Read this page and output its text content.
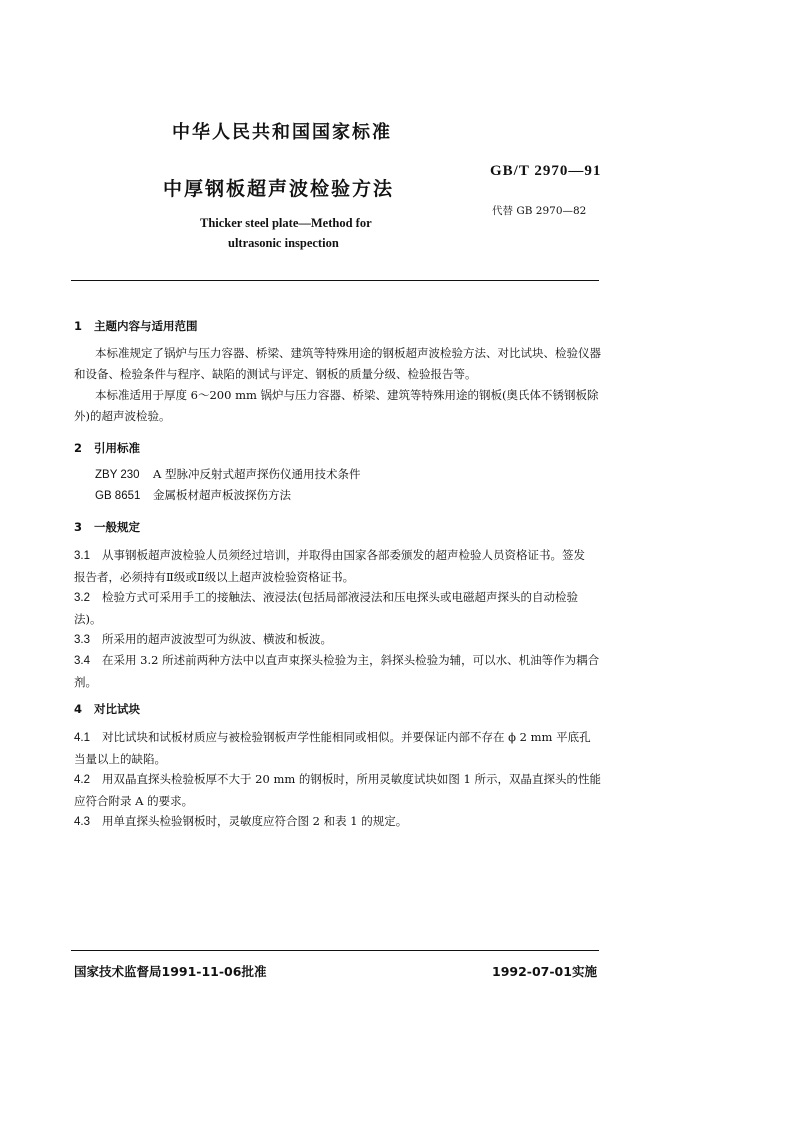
中华人民共和国国家标准
中厚钢板超声波检验方法
GB/T 2970—91
代替 GB 2970—82
Thicker steel plate—Method for
ultrasonic inspection
1 主题内容与适用范围
本标准规定了锅炉与压力容器、桥梁、建筑等特殊用途的钢板超声波检验方法、对比试块、检验仪器
和设备、检验条件与程序、缺陷的测试与评定、钢板的质量分级、检验报告等。
本标准适用于厚度 6～200 mm 锅炉与压力容器、桥梁、建筑等特殊用途的钢板(奥氏体不锈钢板除
外)的超声波检验。
2 引用标准
ZBY 230 A 型脉冲反射式超声探伤仪通用技术条件
GB 8651 金属板材超声板波探伤方法
3 一般规定
3.1 从事钢板超声波检验人员须经过培训，并取得由国家各部委颁发的超声检验人员资格证书。签发
报告者，必须持有Ⅱ级或Ⅱ级以上超声波检验资格证书。
3.2 检验方式可采用手工的接触法、液浸法(包括局部液浸法和压电探头或电磁超声探头的自动检验
法)。
3.3 所采用的超声波波型可为纵波、横波和板波。
3.4 在采用 3.2 所述前两种方法中以直声束探头检验为主，斜探头检验为辅，可以水、机油等作为耦合
剂。
4 对比试块
4.1 对比试块和试板材质应与被检验钢板声学性能相同或相似。并要保证内部不存在 ϕ 2 mm 平底孔
当量以上的缺陷。
4.2 用双晶直探头检验板厚不大于 20 mm 的钢板时，所用灵敏度试块如图 1 所示，双晶直探头的性能
应符合附录 A 的要求。
4.3 用单直探头检验钢板时，灵敏度应符合图 2 和表 1 的规定。
国家技术监督局1991-11-06批准	1992-07-01实施
